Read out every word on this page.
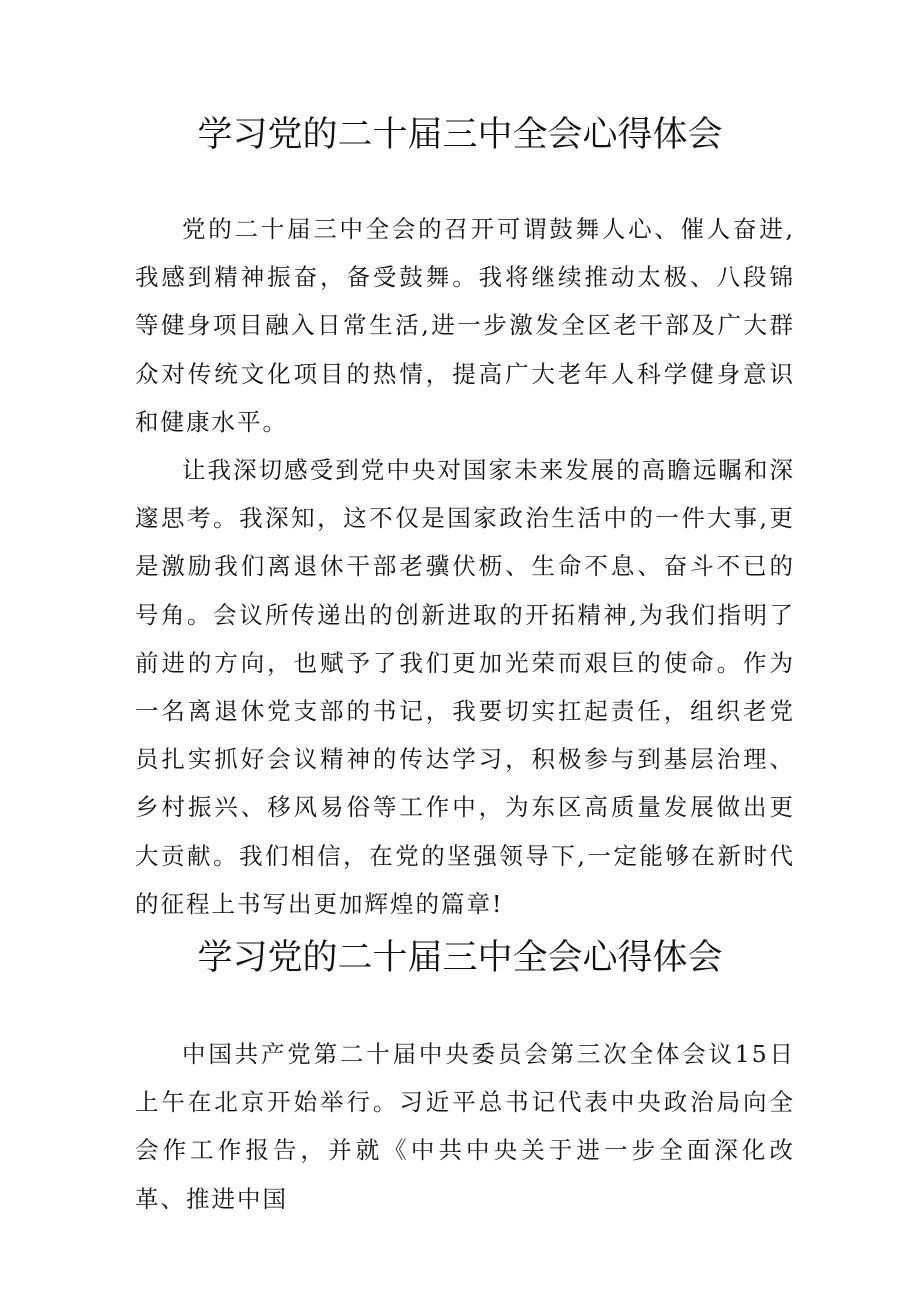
学习党的二十届三中全会心得体会

党的二十届三中全会的召开可谓鼓舞人心、催人奋进,我感到精神振奋，备受鼓舞。我将继续推动太极、八段锦等健身项目融入日常生活,进一步激发全区老干部及广大群众对传统文化项目的热情，提高广大老年人科学健身意识和健康水平。

让我深切感受到党中央对国家未来发展的高瞻远瞩和深邃思考。我深知，这不仅是国家政治生活中的一件大事,更是激励我们离退休干部老骥伏枥、生命不息、奋斗不已的号角。会议所传递出的创新进取的开拓精神,为我们指明了前进的方向，也赋予了我们更加光荣而艰巨的使命。作为一名离退休党支部的书记，我要切实扛起责任，组织老党员扎实抓好会议精神的传达学习，积极参与到基层治理、乡村振兴、移风易俗等工作中，为东区高质量发展做出更大贡献。我们相信，在党的坚强领导下,一定能够在新时代的征程上书写出更加辉煌的篇章!

学习党的二十届三中全会心得体会

中国共产党第二十届中央委员会第三次全体会议15日上午在北京开始举行。习近平总书记代表中央政治局向全会作工作报告，并就《中共中央关于进一步全面深化改革、推进中国
